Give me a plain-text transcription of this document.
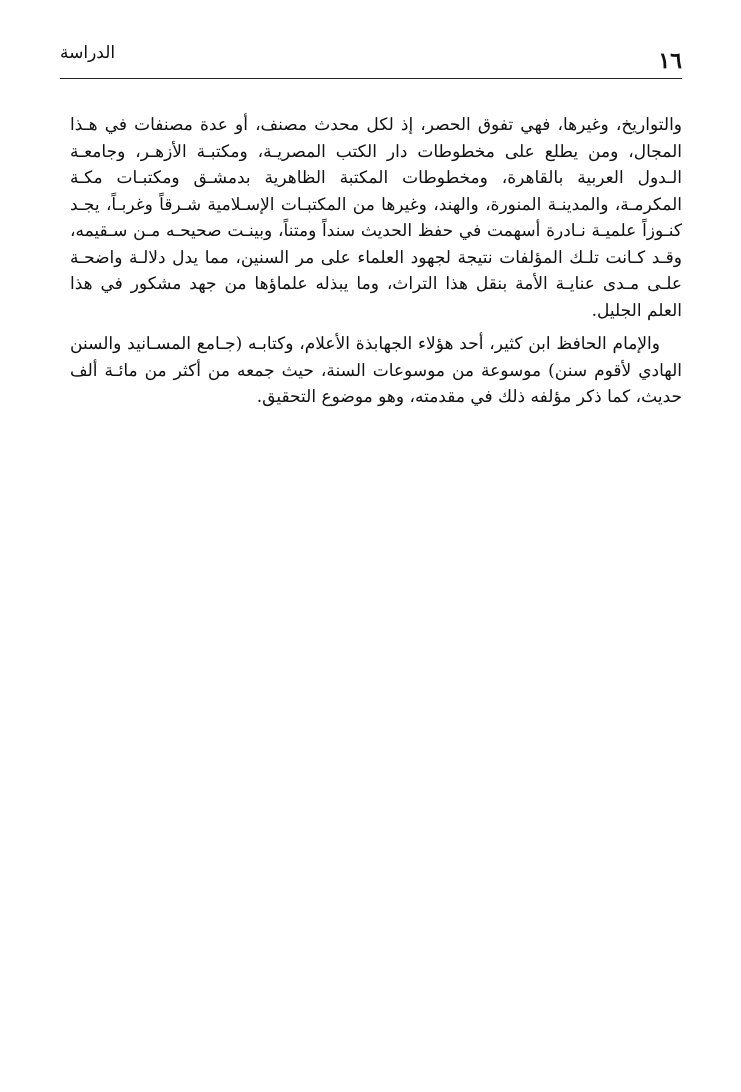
١٦
الدراسة

والتواريخ، وغيرها، فهي تفوق الحصر، إذ لكل محدث مصنف، أو عدة مصنفات في هـذا المجال، ومن يطلع على مخطوطات دار الكتب المصريـة، ومكتبـة الأزهـر، وجامعـة الـدول العربية بالقاهرة، ومخطوطات المكتبة الظاهرية بدمشـق ومكتبـات مكـة المكرمـة، والمدينـة المنورة، والهند، وغيرها من المكتبـات الإسـلامية شـرقاً وغربـاً، يجـد كنـوزاً علميـة نـادرة أسهمت في حفظ الحديث سنداً ومتناً، وبينـت صحيحـه مـن سـقيمه، وقـد كـانت تلـك المؤلفات نتيجة لجهود العلماء على مر السنين، مما يدل دلالـة واضحـة علـى مـدى عنايـة الأمة بنقل هذا التراث، وما يبذله علماؤها من جهد مشكور في هذا العلم الجليل.

والإمام الحافظ ابن كثير، أحد هؤلاء الجهابذة الأعلام، وكتابـه (جـامع المسـانيد والسنن الهادي لأقوم سنن) موسوعة من موسوعات السنة، حيث جمعه من أكثر من مائـة ألف حديث، كما ذكر مؤلفه ذلك في مقدمته، وهو موضوع التحقيق.
